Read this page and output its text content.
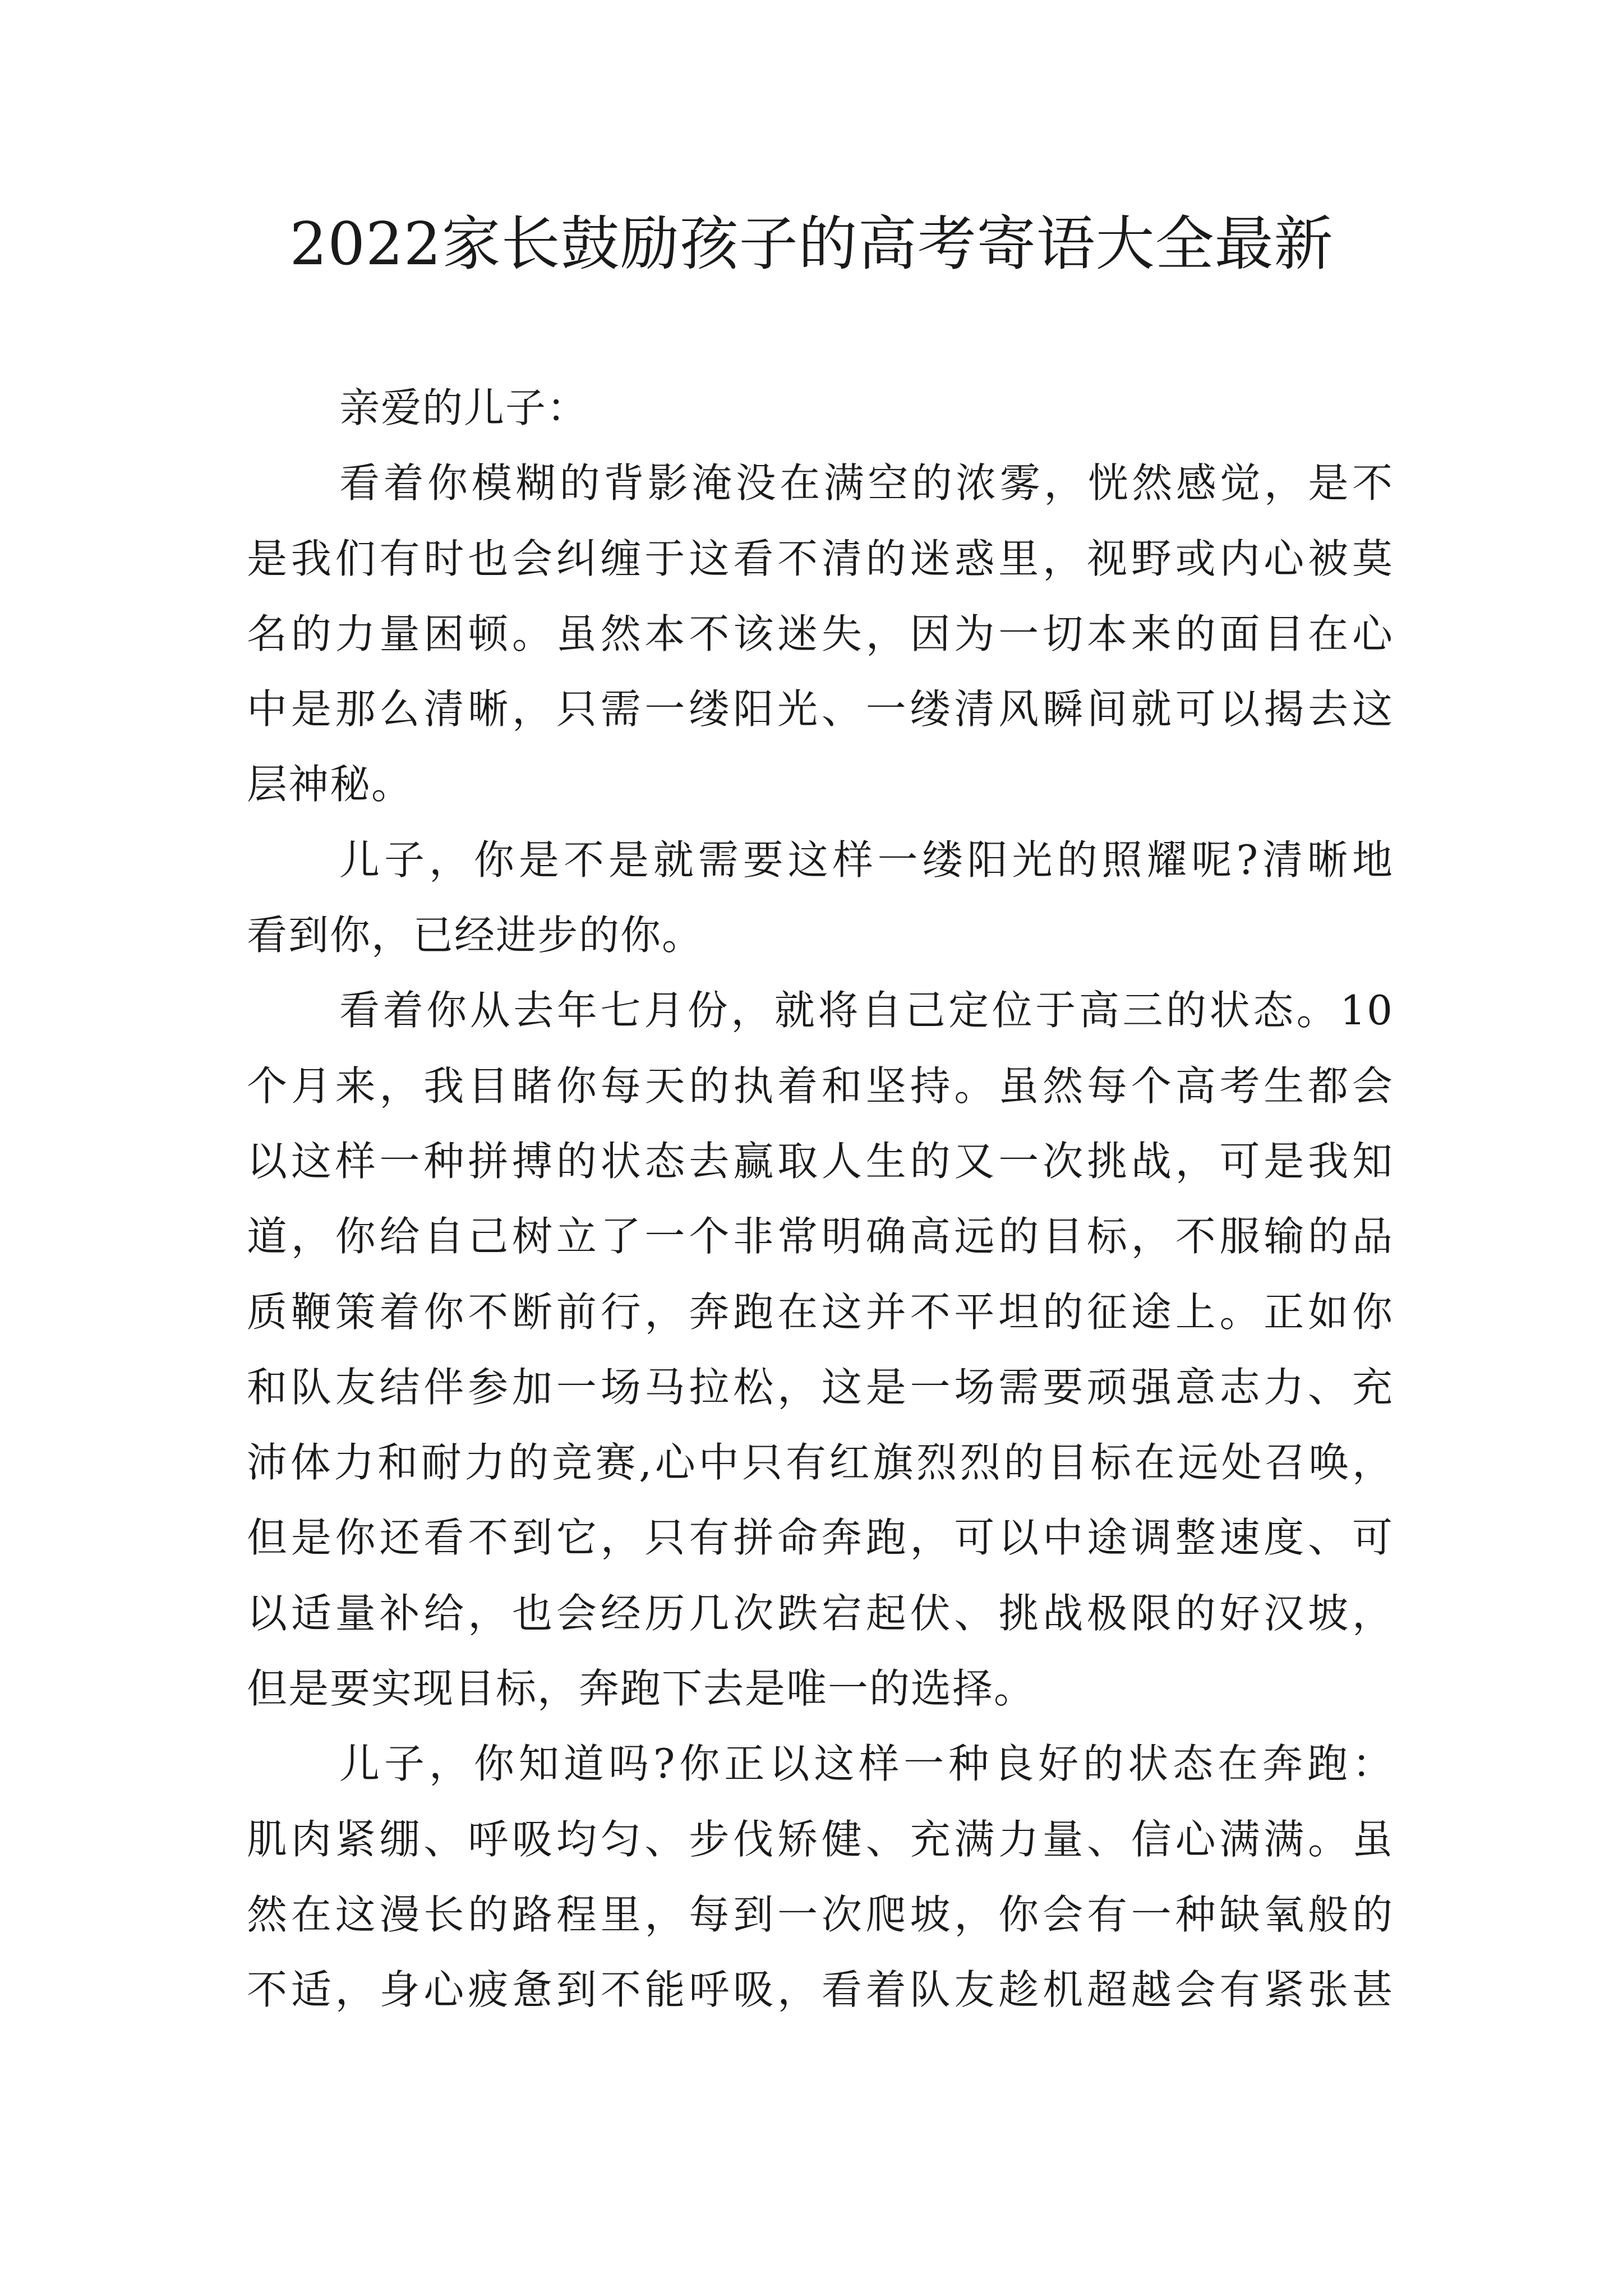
2022家长鼓励孩子的高考寄语大全最新
亲爱的儿子：
看着你模糊的背影淹没在满空的浓雾，恍然感觉，是不
是我们有时也会纠缠于这看不清的迷惑里，视野或内心被莫
名的力量困顿。虽然本不该迷失，因为一切本来的面目在心
中是那么清晰，只需一缕阳光、一缕清风瞬间就可以揭去这
层神秘。
儿子，你是不是就需要这样一缕阳光的照耀呢?清晰地
看到你，已经进步的你。
看着你从去年七月份，就将自己定位于高三的状态。10
个月来，我目睹你每天的执着和坚持。虽然每个高考生都会
以这样一种拼搏的状态去赢取人生的又一次挑战，可是我知
道，你给自己树立了一个非常明确高远的目标，不服输的品
质鞭策着你不断前行，奔跑在这并不平坦的征途上。正如你
和队友结伴参加一场马拉松，这是一场需要顽强意志力、充
沛体力和耐力的竞赛,心中只有红旗烈烈的目标在远处召唤，
但是你还看不到它，只有拼命奔跑，可以中途调整速度、可
以适量补给，也会经历几次跌宕起伏、挑战极限的好汉坡，
但是要实现目标，奔跑下去是唯一的选择。
儿子，你知道吗?你正以这样一种良好的状态在奔跑：
肌肉紧绷、呼吸均匀、步伐矫健、充满力量、信心满满。虽
然在这漫长的路程里，每到一次爬坡，你会有一种缺氧般的
不适，身心疲惫到不能呼吸，看着队友趁机超越会有紧张甚
